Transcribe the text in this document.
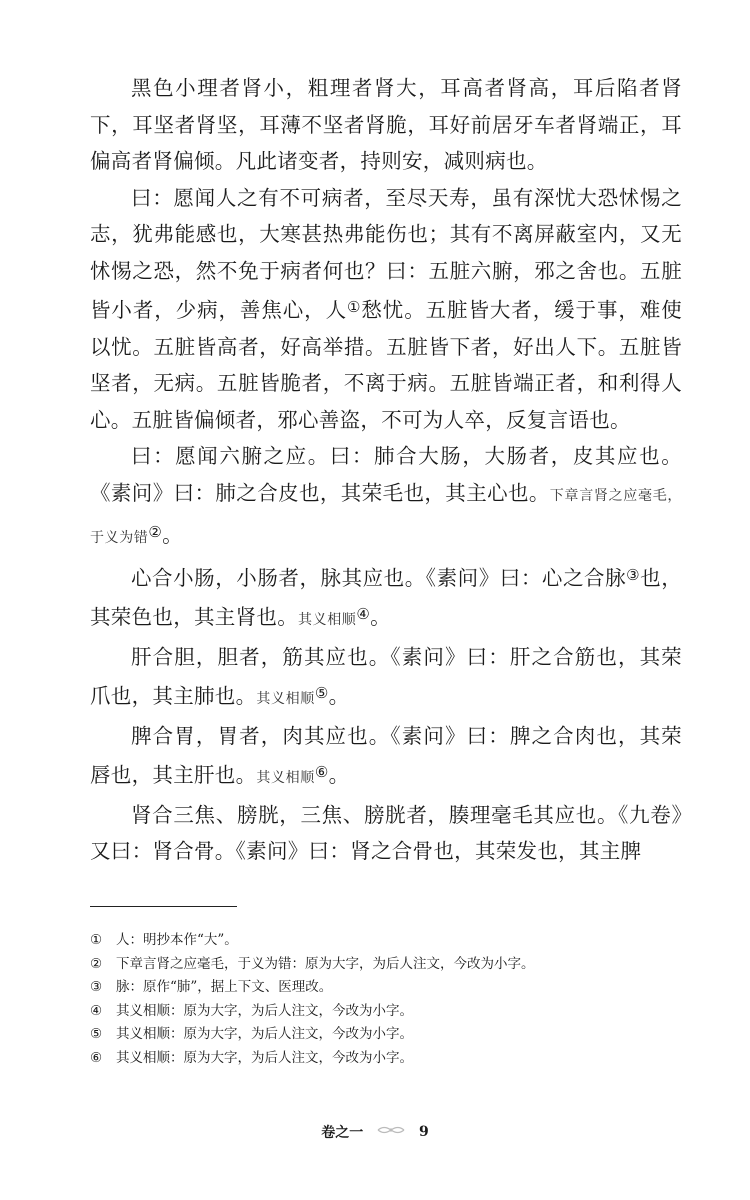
黑色小理者肾小，粗理者肾大，耳高者肾高，耳后陷者肾下，耳坚者肾坚，耳薄不坚者肾脆，耳好前居牙车者肾端正，耳偏高者肾偏倾。凡此诸变者，持则安，减则病也。

曰：愿闻人之有不可病者，至尽天寿，虽有深忧大恐怵惕之志，犹弗能感也，大寒甚热弗能伤也；其有不离屏蔽室内，又无怵惕之恐，然不免于病者何也？曰：五脏六腑，邪之舍也。五脏皆小者，少病，善焦心，人①愁忧。五脏皆大者，缓于事，难使以忧。五脏皆高者，好高举措。五脏皆下者，好出人下。五脏皆坚者，无病。五脏皆脆者，不离于病。五脏皆端正者，和利得人心。五脏皆偏倾者，邪心善盗，不可为人卒，反复言语也。

曰：愿闻六腑之应。曰：肺合大肠，大肠者，皮其应也。《素问》曰：肺之合皮也，其荣毛也，其主心也。下章言肾之应毫毛，于义为错②。

心合小肠，小肠者，脉其应也。《素问》曰：心之合脉③也，其荣色也，其主肾也。其义相顺④。

肝合胆，胆者，筋其应也。《素问》曰：肝之合筋也，其荣爪也，其主肺也。其义相顺⑤。

脾合胃，胃者，肉其应也。《素问》曰：脾之合肉也，其荣唇也，其主肝也。其义相顺⑥。

肾合三焦、膀胱，三焦、膀胱者，腠理毫毛其应也。《九卷》又曰：肾合骨。《素问》曰：肾之合骨也，其荣发也，其主脾

① 人：明抄本作“大”。
② 下章言肾之应毫毛，于义为错：原为大字，为后人注文，今改为小字。
③ 脉：原作“肺”，据上下文、医理改。
④ 其义相顺：原为大字，为后人注文，今改为小字。
⑤ 其义相顺：原为大字，为后人注文，今改为小字。
⑥ 其义相顺：原为大字，为后人注文，今改为小字。
卷之一	9
